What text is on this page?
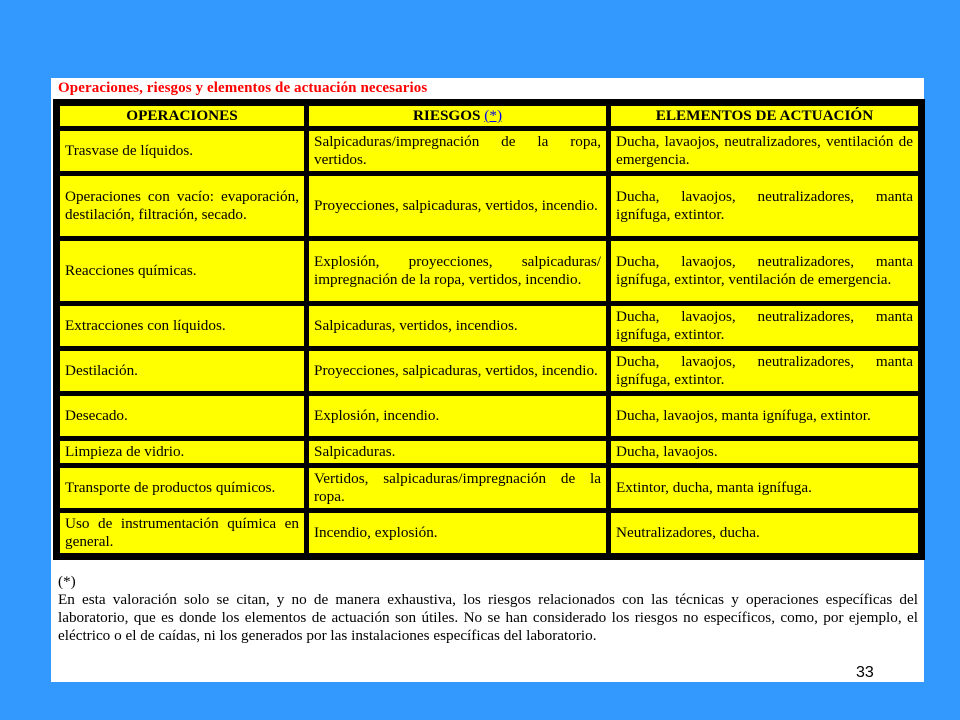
Operaciones, riesgos y elementos de actuación necesarios
OPERACIONES	RIESGOS (*)	ELEMENTOS DE ACTUACIÓN
Trasvase de líquidos.	Salpicaduras/impregnación de la ropa, vertidos.	Ducha, lavaojos, neutralizadores, ventilación de emergencia.
Operaciones con vacío: evaporación, destilación, filtración, secado.	Proyecciones, salpicaduras, vertidos, incendio.	Ducha, lavaojos, neutralizadores, manta ignífuga, extintor.
Reacciones químicas.	Explosión, proyecciones, salpicaduras/ impregnación de la ropa, vertidos, incendio.	Ducha, lavaojos, neutralizadores, manta ignífuga, extintor, ventilación de emergencia.
Extracciones con líquidos.	Salpicaduras, vertidos, incendios.	Ducha, lavaojos, neutralizadores, manta ignífuga, extintor.
Destilación.	Proyecciones, salpicaduras, vertidos, incendio.	Ducha, lavaojos, neutralizadores, manta ignífuga, extintor.
Desecado.	Explosión, incendio.	Ducha, lavaojos, manta ignífuga, extintor.
Limpieza de vidrio.	Salpicaduras.	Ducha, lavaojos.
Transporte de productos químicos.	Vertidos, salpicaduras/impregnación de la ropa.	Extintor, ducha, manta ignífuga.
Uso de instrumentación química en general.	Incendio, explosión.	Neutralizadores, ducha.
(*)
En esta valoración solo se citan, y no de manera exhaustiva, los riesgos relacionados con las técnicas y operaciones específicas del laboratorio, que es donde los elementos de actuación son útiles. No se han considerado los riesgos no específicos, como, por ejemplo, el eléctrico o el de caídas, ni los generados por las instalaciones específicas del laboratorio.
33
